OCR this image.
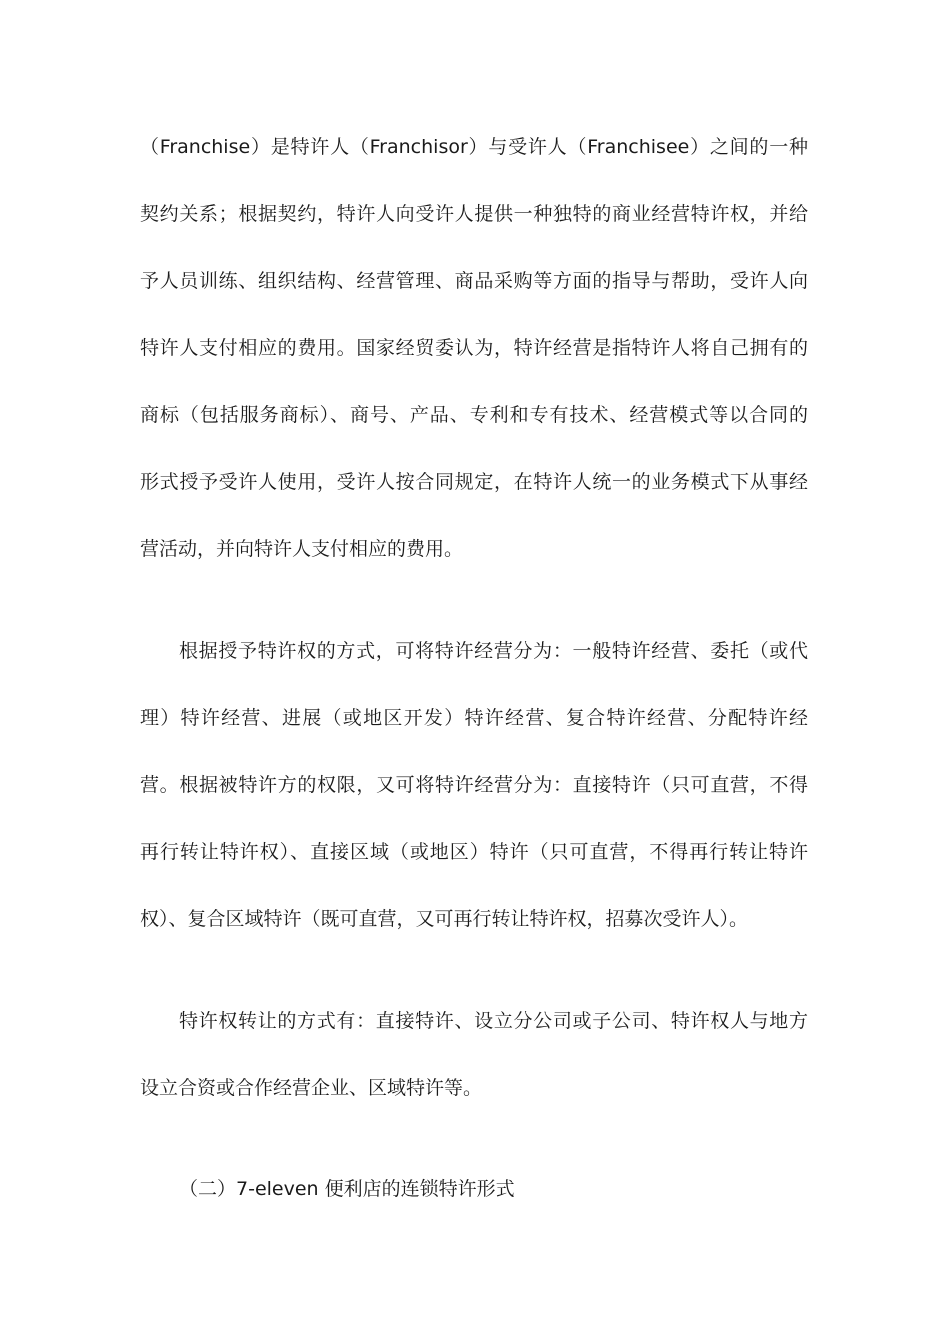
（Franchise）是特许人（Franchisor）与受许人（Franchisee）之间的一种
契约关系；根据契约，特许人向受许人提供一种独特的商业经营特许权，并给
予人员训练、组织结构、经营管理、商品采购等方面的指导与帮助，受许人向
特许人支付相应的费用。国家经贸委认为，特许经营是指特许人将自己拥有的
商标（包括服务商标）、商号、产品、专利和专有技术、经营模式等以合同的
形式授予受许人使用，受许人按合同规定，在特许人统一的业务模式下从事经
营活动，并向特许人支付相应的费用。
根据授予特许权的方式，可将特许经营分为：一般特许经营、委托（或代
理）特许经营、进展（或地区开发）特许经营、复合特许经营、分配特许经
营。根据被特许方的权限，又可将特许经营分为：直接特许（只可直营，不得
再行转让特许权）、直接区域（或地区）特许（只可直营，不得再行转让特许
权）、复合区域特许（既可直营，又可再行转让特许权，招募次受许人）。
特许权转让的方式有：直接特许、设立分公司或子公司、特许权人与地方
设立合资或合作经营企业、区域特许等。
（二）7-eleven 便利店的连锁特许形式
